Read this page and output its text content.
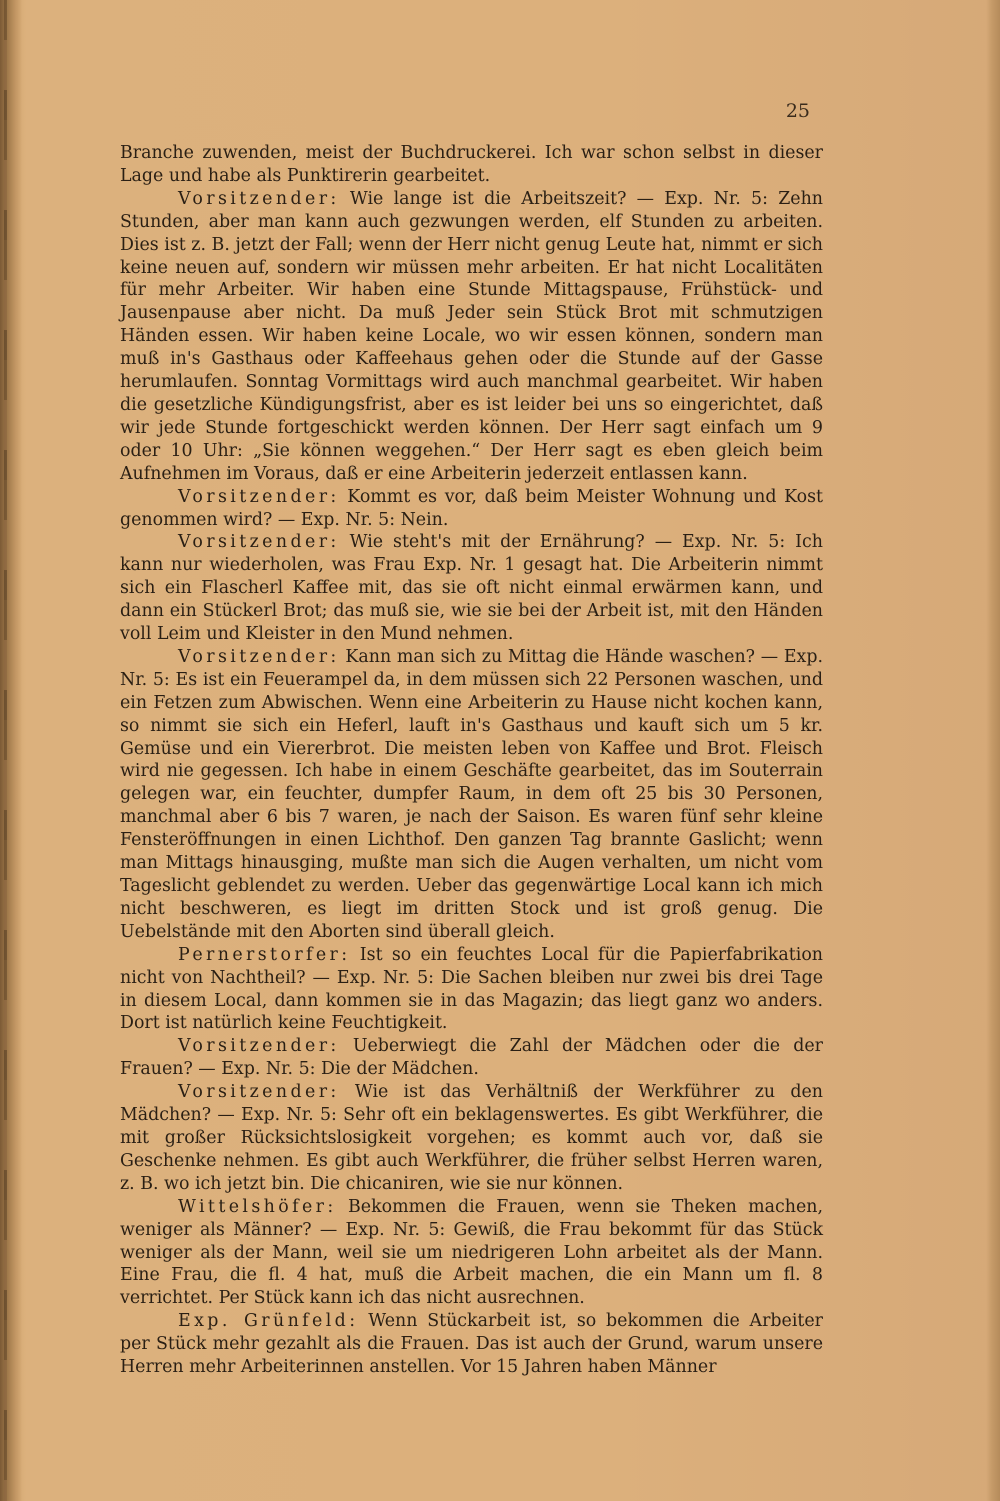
25

Branche zuwenden, meist der Buchdruckerei. Ich war schon selbst in dieser Lage und habe als Punktirerin gearbeitet.

Vorsitzender: Wie lange ist die Arbeitszeit? — Exp. Nr. 5: Zehn Stunden, aber man kann auch gezwungen werden, elf Stunden zu arbeiten. Dies ist z. B. jetzt der Fall; wenn der Herr nicht genug Leute hat, nimmt er sich keine neuen auf, sondern wir müssen mehr arbeiten. Er hat nicht Localitäten für mehr Arbeiter. Wir haben eine Stunde Mittagspause, Frühstück- und Jausenpause aber nicht. Da muß Jeder sein Stück Brot mit schmutzigen Händen essen. Wir haben keine Locale, wo wir essen können, sondern man muß in's Gasthaus oder Kaffeehaus gehen oder die Stunde auf der Gasse herumlaufen. Sonntag Vormittags wird auch manchmal gearbeitet. Wir haben die gesetzliche Kündigungsfrist, aber es ist leider bei uns so eingerichtet, daß wir jede Stunde fortgeschickt werden können. Der Herr sagt einfach um 9 oder 10 Uhr: „Sie können weggehen.“ Der Herr sagt es eben gleich beim Aufnehmen im Voraus, daß er eine Arbeiterin jederzeit entlassen kann.

Vorsitzender: Kommt es vor, daß beim Meister Wohnung und Kost genommen wird? — Exp. Nr. 5: Nein.

Vorsitzender: Wie steht's mit der Ernährung? — Exp. Nr. 5: Ich kann nur wiederholen, was Frau Exp. Nr. 1 gesagt hat. Die Arbeiterin nimmt sich ein Flascherl Kaffee mit, das sie oft nicht einmal erwärmen kann, und dann ein Stückerl Brot; das muß sie, wie sie bei der Arbeit ist, mit den Händen voll Leim und Kleister in den Mund nehmen.

Vorsitzender: Kann man sich zu Mittag die Hände waschen? — Exp. Nr. 5: Es ist ein Feuerampel da, in dem müssen sich 22 Personen waschen, und ein Fetzen zum Abwischen. Wenn eine Arbeiterin zu Hause nicht kochen kann, so nimmt sie sich ein Heferl, lauft in's Gasthaus und kauft sich um 5 kr. Gemüse und ein Viererbrot. Die meisten leben von Kaffee und Brot. Fleisch wird nie gegessen. Ich habe in einem Geschäfte gearbeitet, das im Souterrain gelegen war, ein feuchter, dumpfer Raum, in dem oft 25 bis 30 Personen, manchmal aber 6 bis 7 waren, je nach der Saison. Es waren fünf sehr kleine Fensteröffnungen in einen Lichthof. Den ganzen Tag brannte Gaslicht; wenn man Mittags hinausging, mußte man sich die Augen verhalten, um nicht vom Tageslicht geblendet zu werden. Ueber das gegenwärtige Local kann ich mich nicht beschweren, es liegt im dritten Stock und ist groß genug. Die Uebelstände mit den Aborten sind überall gleich.

Pernerstorfer: Ist so ein feuchtes Local für die Papierfabrikation nicht von Nachtheil? — Exp. Nr. 5: Die Sachen bleiben nur zwei bis drei Tage in diesem Local, dann kommen sie in das Magazin; das liegt ganz wo anders. Dort ist natürlich keine Feuchtigkeit.

Vorsitzender: Ueberwiegt die Zahl der Mädchen oder die der Frauen? — Exp. Nr. 5: Die der Mädchen.

Vorsitzender: Wie ist das Verhältniß der Werkführer zu den Mädchen? — Exp. Nr. 5: Sehr oft ein beklagenswertes. Es gibt Werkführer, die mit großer Rücksichtslosigkeit vorgehen; es kommt auch vor, daß sie Geschenke nehmen. Es gibt auch Werkführer, die früher selbst Herren waren, z. B. wo ich jetzt bin. Die chicaniren, wie sie nur können.

Wittelshöfer: Bekommen die Frauen, wenn sie Theken machen, weniger als Männer? — Exp. Nr. 5: Gewiß, die Frau bekommt für das Stück weniger als der Mann, weil sie um niedrigeren Lohn arbeitet als der Mann. Eine Frau, die fl. 4 hat, muß die Arbeit machen, die ein Mann um fl. 8 verrichtet. Per Stück kann ich das nicht ausrechnen.

Exp. Grünfeld: Wenn Stückarbeit ist, so bekommen die Arbeiter per Stück mehr gezahlt als die Frauen. Das ist auch der Grund, warum unsere Herren mehr Arbeiterinnen anstellen. Vor 15 Jahren haben Männer
